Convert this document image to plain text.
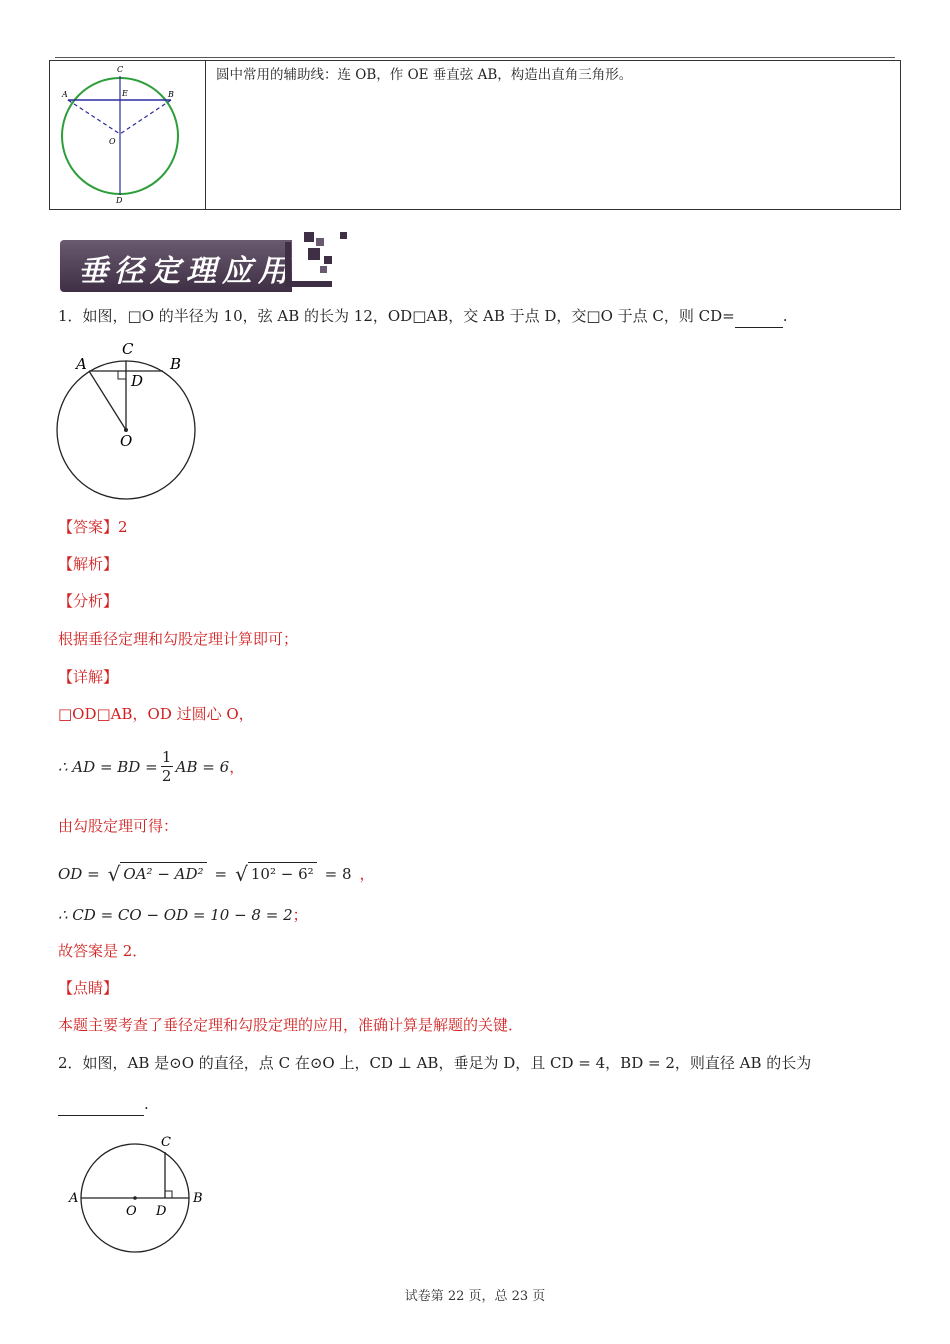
C
A	B
E
O
D
圆中常用的辅助线：连 OB，作 OE 垂直弦 AB，构造出直角三角形。
垂径定理应用
1．如图，□O 的半径为 10，弦 AB 的长为 12，OD□AB，交 AB 于点 D，交□O 于点 C，则 CD=	.
A	B
C
D
O
【答案】2
【解析】
【分析】
根据垂径定理和勾股定理计算即可；
【详解】
□OD□AB，OD 过圆心 O，
∴ AD = BD =
1
2
AB = 6 ，
由勾股定理可得：
OD = √ OA² − AD² = √ 10² − 6² = 8 ，
∴ CD = CO − OD = 10 − 8 = 2；
故答案是 2．
【点睛】
本题主要考查了垂径定理和勾股定理的应用，准确计算是解题的关键．
2．如图，AB 是⊙O 的直径，点 C 在⊙O 上，CD ⊥ AB，垂足为 D，且 CD = 4，BD = 2，则直径 AB 的长为
.
A	B
C
D
O
试卷第 22 页，总 23 页
